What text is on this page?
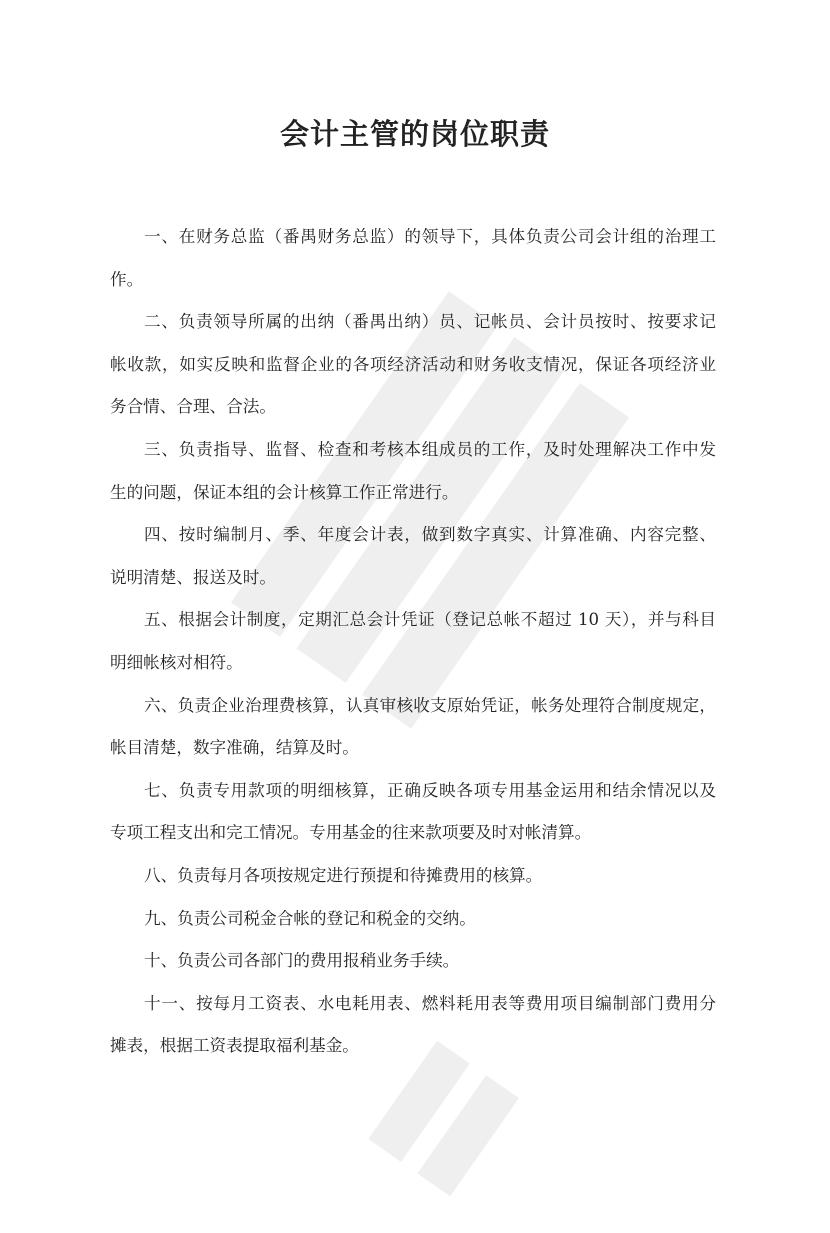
会计主管的岗位职责
一、在财务总监（番禺财务总监）的领导下，具体负责公司会计组的治理工
作。
二、负责领导所属的出纳（番禺出纳）员、记帐员、会计员按时、按要求记
帐收款，如实反映和监督企业的各项经济活动和财务收支情况，保证各项经济业
务合情、合理、合法。
三、负责指导、监督、检查和考核本组成员的工作，及时处理解决工作中发
生的问题，保证本组的会计核算工作正常进行。
四、按时编制月、季、年度会计表，做到数字真实、计算准确、内容完整、
说明清楚、报送及时。
五、根据会计制度，定期汇总会计凭证（登记总帐不超过 10 天），并与科目
明细帐核对相符。
六、负责企业治理费核算，认真审核收支原始凭证，帐务处理符合制度规定，
帐目清楚，数字准确，结算及时。
七、负责专用款项的明细核算，正确反映各项专用基金运用和结余情况以及
专项工程支出和完工情况。专用基金的往来款项要及时对帐清算。
八、负责每月各项按规定进行预提和待摊费用的核算。
九、负责公司税金合帐的登记和税金的交纳。
十、负责公司各部门的费用报稍业务手续。
十一、按每月工资表、水电耗用表、燃料耗用表等费用项目编制部门费用分
摊表，根据工资表提取福利基金。
